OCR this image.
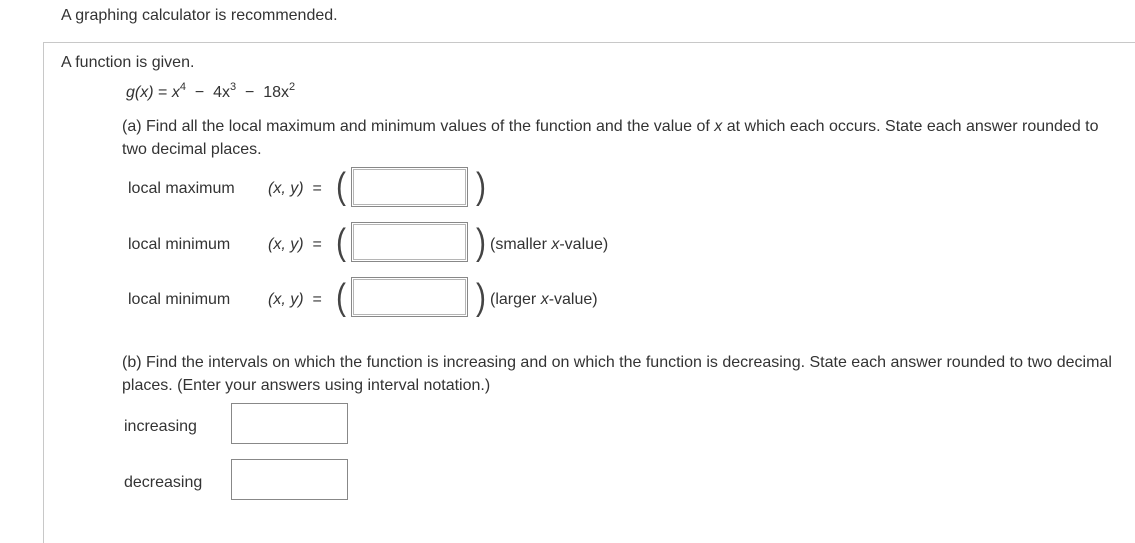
A graphing calculator is recommended.
A function is given.
$g(x) = x^4 - 4x^3 - 18x^2$
(a) Find all the local maximum and minimum values of the function and the value of x at which each occurs. State each answer rounded to two decimal places.
local maximum (x, y) = (	)
local minimum (x, y) = (	) (smaller x-value)
local minimum (x, y) = (	) (larger x-value)
(b) Find the intervals on which the function is increasing and on which the function is decreasing. State each answer rounded to two decimal places. (Enter your answers using interval notation.)
increasing
decreasing
